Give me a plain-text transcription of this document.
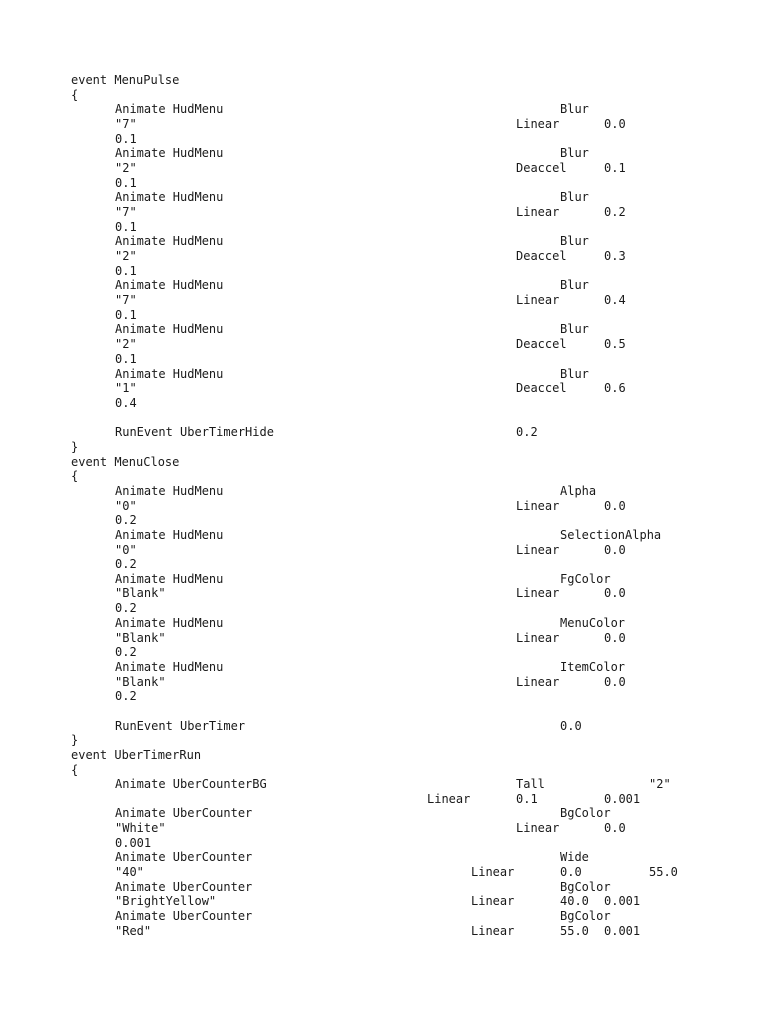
event MenuPulse
{
Animate HudMenu	Blur
"7"	Linear	0.0
0.1
Animate HudMenu	Blur
"2"	Deaccel	0.1
0.1
Animate HudMenu	Blur
"7"	Linear	0.2
0.1
Animate HudMenu	Blur
"2"	Deaccel	0.3
0.1
Animate HudMenu	Blur
"7"	Linear	0.4
0.1
Animate HudMenu	Blur
"2"	Deaccel	0.5
0.1
Animate HudMenu	Blur
"1"	Deaccel	0.6
0.4
RunEvent UberTimerHide	0.2
}
event MenuClose
{
Animate HudMenu	Alpha
"0"	Linear	0.0
0.2
Animate HudMenu	SelectionAlpha
"0"	Linear	0.0
0.2
Animate HudMenu	FgColor
"Blank"	Linear	0.0
0.2
Animate HudMenu	MenuColor
"Blank"	Linear	0.0
0.2
Animate HudMenu	ItemColor
"Blank"	Linear	0.0
0.2
RunEvent UberTimer	0.0
}
event UberTimerRun
{
Animate UberCounterBG	Tall	"2"
Linear	0.1	0.001
Animate UberCounter	BgColor
"White"	Linear	0.0
0.001
Animate UberCounter	Wide
"40"	Linear	0.0	55.0
Animate UberCounter	BgColor
"BrightYellow"	Linear	40.0 0.001
Animate UberCounter	BgColor
"Red"	Linear	55.0 0.001
